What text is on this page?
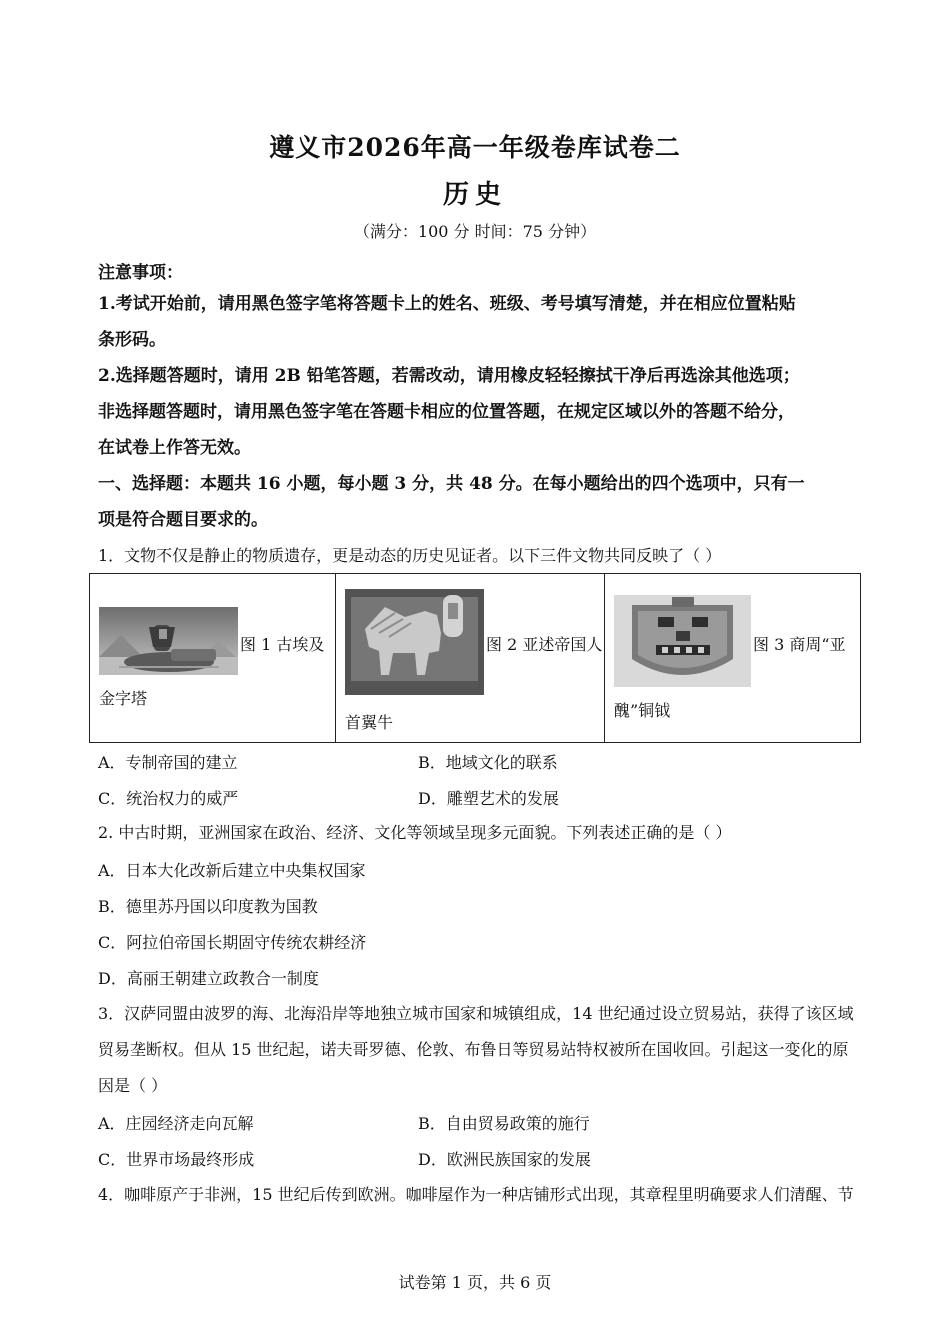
遵义市2026年高一年级卷库试卷二
历史
（满分：100 分 时间：75 分钟）
注意事项：
1.考试开始前，请用黑色签字笔将答题卡上的姓名、班级、考号填写清楚，并在相应位置粘贴
条形码。
2.选择题答题时，请用 2B 铅笔答题，若需改动，请用橡皮轻轻擦拭干净后再选涂其他选项；
非选择题答题时，请用黑色签字笔在答题卡相应的位置答题，在规定区域以外的答题不给分，
在试卷上作答无效。
一、选择题：本题共 16 小题，每小题 3 分，共 48 分。在每小题给出的四个选项中，只有一
项是符合题目要求的。
1．文物不仅是静止的物质遗存，更是动态的历史见证者。以下三件文物共同反映了（ ）
图 1 古埃及
金字塔
图 2 亚述帝国人
首翼牛
图 3 商周“亚
醜”铜钺
A．专制帝国的建立	B．地域文化的联系
C．统治权力的威严	D．雕塑艺术的发展
2. 中古时期，亚洲国家在政治、经济、文化等领域呈现多元面貌。下列表述正确的是（ ）
A．日本大化改新后建立中央集权国家
B．德里苏丹国以印度教为国教
C．阿拉伯帝国长期固守传统农耕经济
D．高丽王朝建立政教合一制度
3．汉萨同盟由波罗的海、北海沿岸等地独立城市国家和城镇组成，14 世纪通过设立贸易站，获得了该区域
贸易垄断权。但从 15 世纪起，诺夫哥罗德、伦敦、布鲁日等贸易站特权被所在国收回。引起这一变化的原
因是（ ）
A．庄园经济走向瓦解	B．自由贸易政策的施行
C．世界市场最终形成	D．欧洲民族国家的发展
4．咖啡原产于非洲，15 世纪后传到欧洲。咖啡屋作为一种店铺形式出现，其章程里明确要求人们清醒、节
试卷第 1 页，共 6 页
